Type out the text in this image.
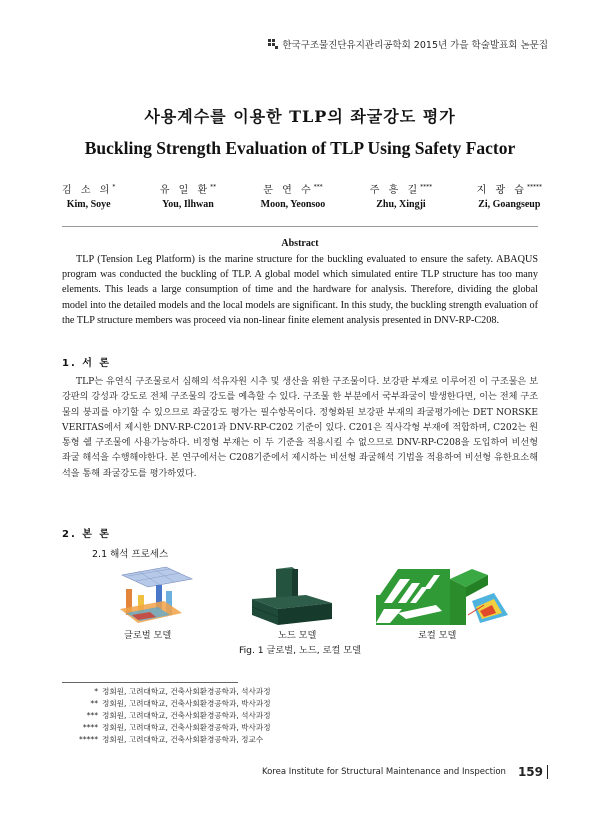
한국구조물진단유지관리공학회 2015년 가을 학술발표회 논문집
사용계수를 이용한 TLP의 좌굴강도 평가
Buckling Strength Evaluation of TLP Using Safety Factor
김 소 의*
Kim, Soye
유 일 환**
You, Ilhwan
문 연 수***
Moon, Yeonsoo
주 흥 길****
Zhu, Xingji
지 광 습*****
Zi, Goangseup
Abstract
TLP (Tension Leg Platform) is the marine structure for the buckling evaluated to ensure the safety. ABAQUS program was conducted the buckling of TLP. A global model which simulated entire TLP structure has too many elements. This leads a large consumption of time and the hardware for analysis. Therefore, dividing the global model into the detailed models and the local models are significant. In this study, the buckling strength evaluation of the TLP structure members was proceed via non-linear finite element analysis presented in DNV-RP-C208.
1. 서 론
TLP는 유연식 구조물로서 심해의 석유자원 시추 및 생산을 위한 구조물이다. 보강판 부재로 이루어진 이 구조물은 보강판의 강성과 강도로 전체 구조물의 강도를 예측할 수 있다. 구조물 한 부분에서 국부좌굴이 발생한다면, 이는 전체 구조물의 붕괴를 야기할 수 있으므로 좌굴강도 평가는 필수항목이다. 정형화된 보강판 부재의 좌굴평가에는 DET NORSKE VERITAS에서 제시한 DNV-RP-C201과 DNV-RP-C202 기준이 있다. C201은 직사각형 부재에 적합하며, C202는 원통형 쉘 구조물에 사용가능하다. 비정형 부재는 이 두 기준을 적용시킬 수 없으므로 DNV-RP-C208을 도입하여 비선형 좌굴 해석을 수행해야한다. 본 연구에서는 C208기준에서 제시하는 비선형 좌굴해석 기법을 적용하여 비선형 유한요소해석을 통해 좌굴강도를 평가하였다.
2. 본 론
2.1 해석 프로세스
글로벌 모델	노드 모델	로컬 모델
Fig. 1 글로벌, 노드, 로컬 모델
* 정회원, 고려대학교, 건축사회환경공학과, 석사과정
** 정회원, 고려대학교, 건축사회환경공학과, 박사과정
*** 정회원, 고려대학교, 건축사회환경공학과, 석사과정
**** 정회원, 고려대학교, 건축사회환경공학과, 박사과정
***** 정회원, 고려대학교, 건축사회환경공학과, 정교수
Korea Institute for Structural Maintenance and Inspection 159
